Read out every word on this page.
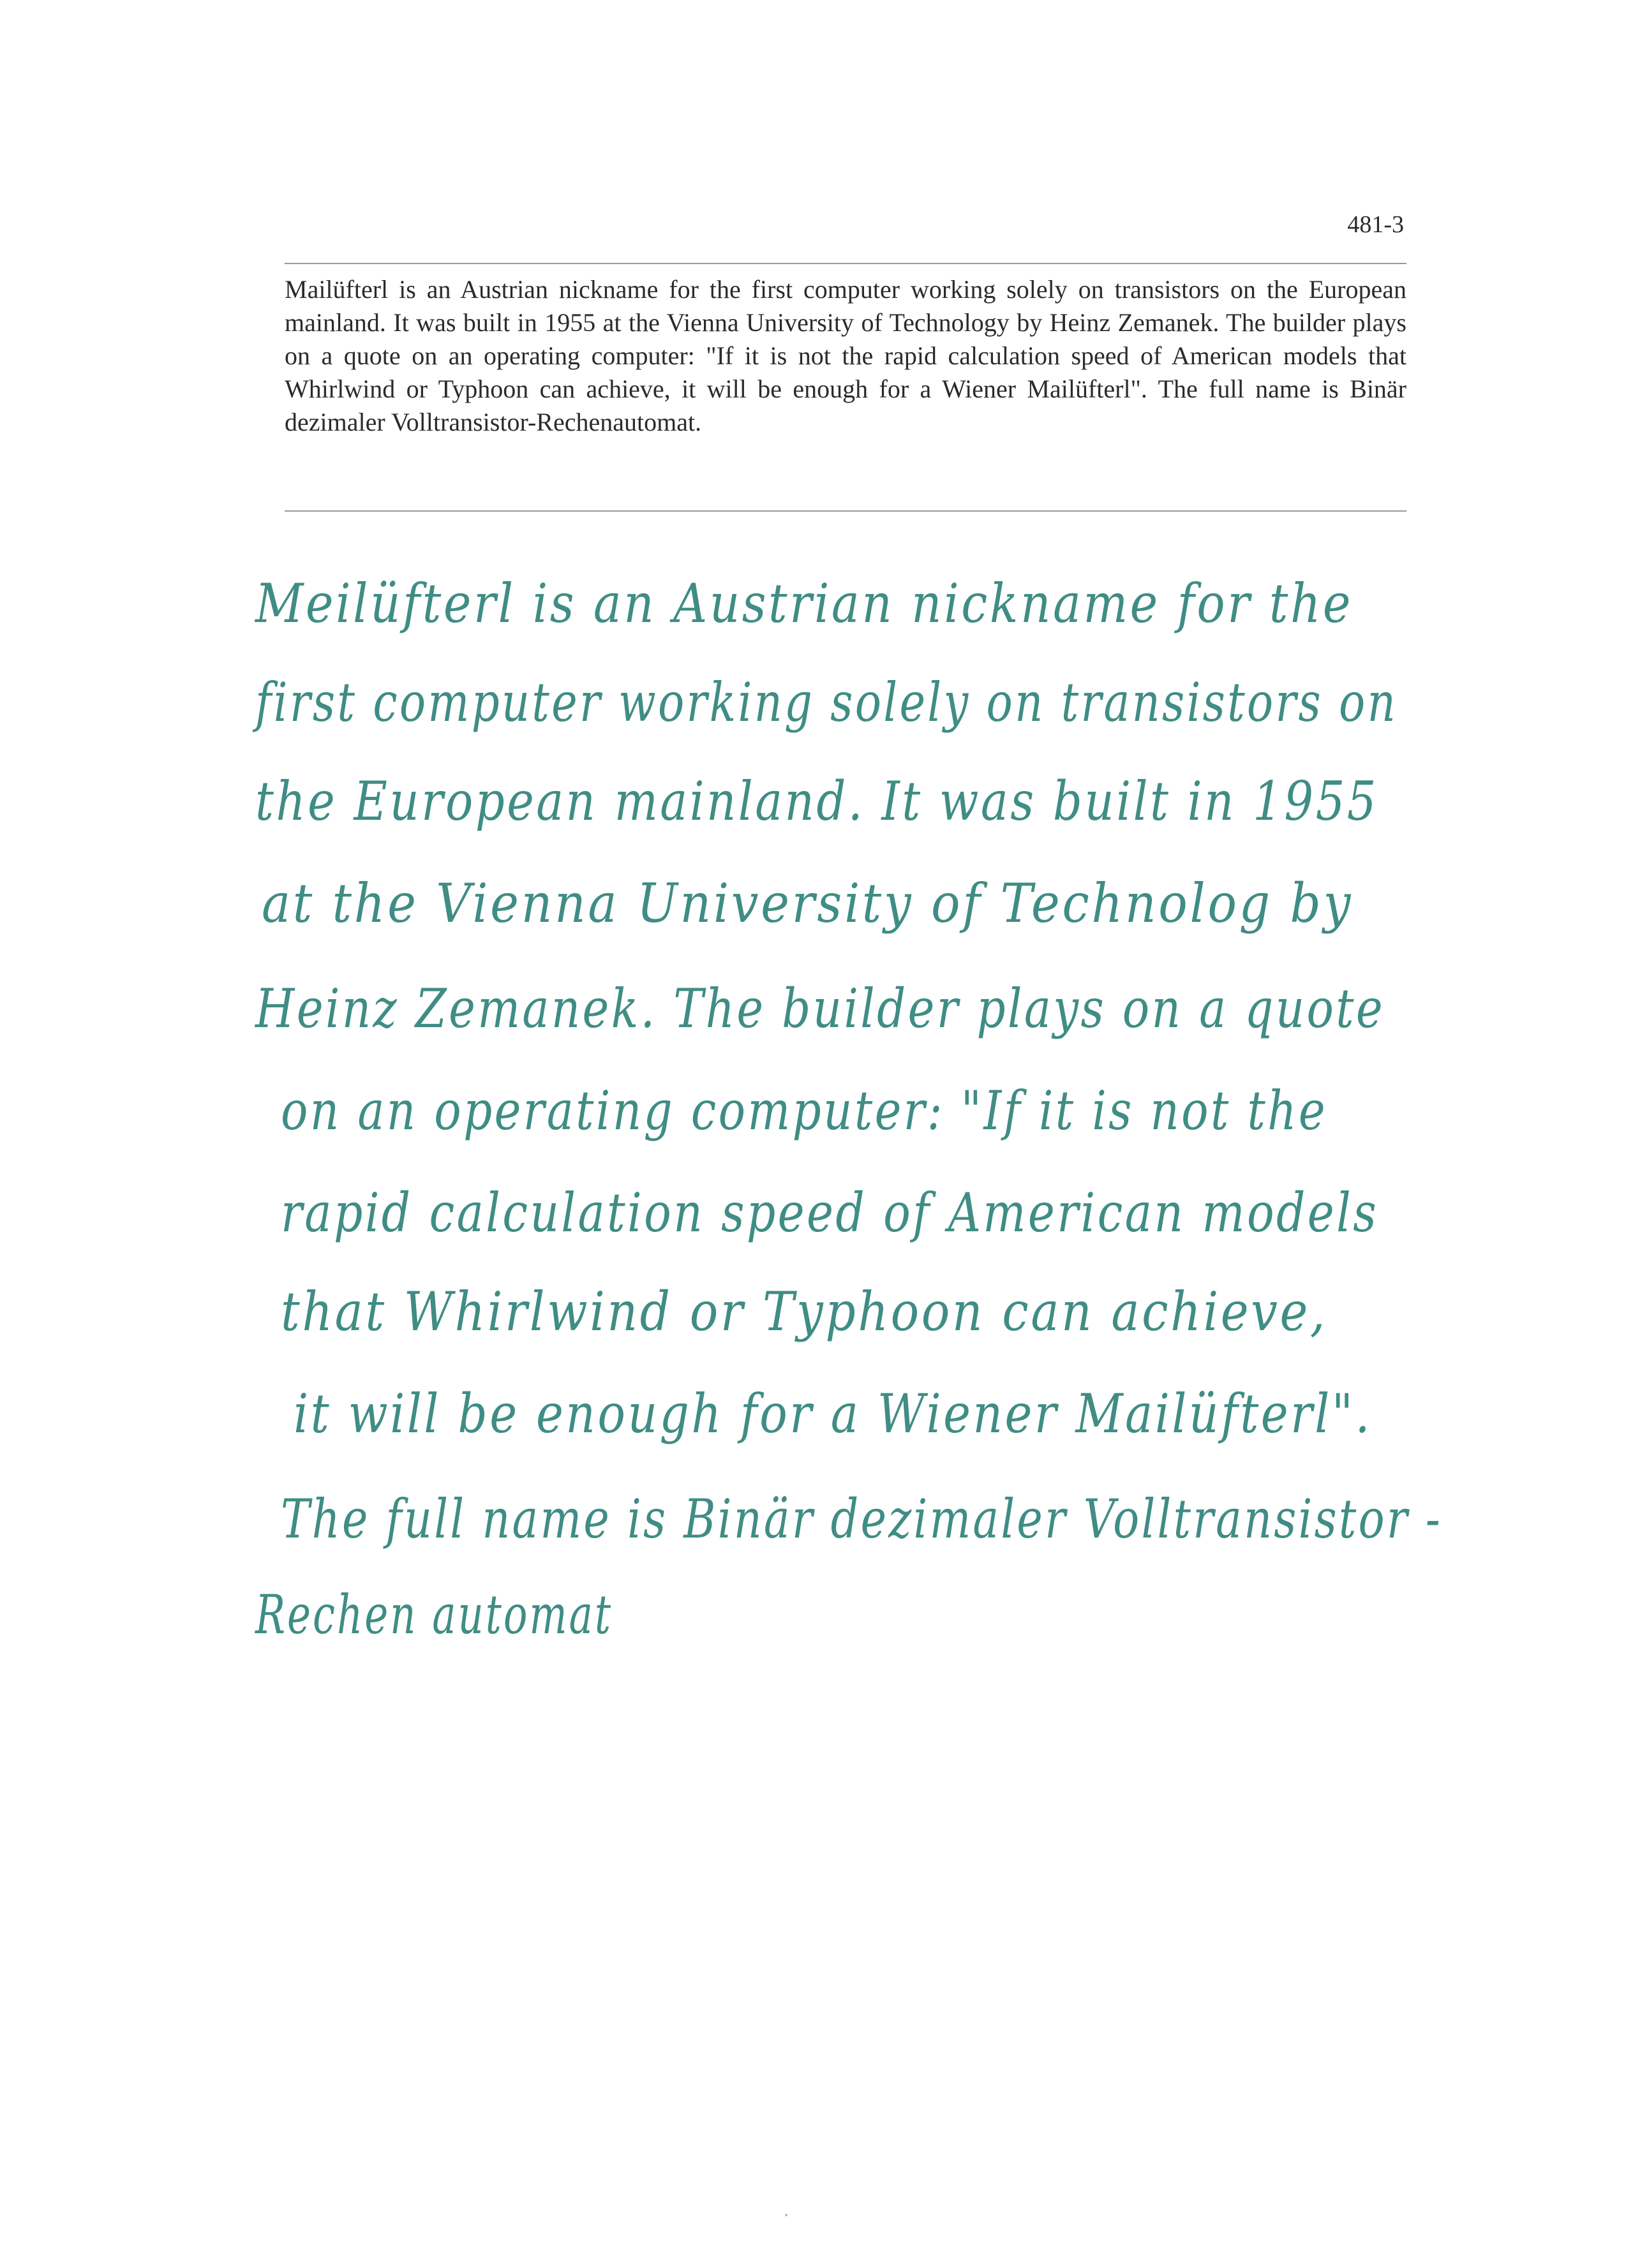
481-3

Mailüfterl is an Austrian nickname for the first computer working solely on transistors on the European mainland. It was built in 1955 at the Vienna University of Technology by Heinz Zemanek. The builder plays on a quote on an operating computer: "If it is not the rapid calculation speed of American models that Whirlwind or Typhoon can achieve, it will be enough for a Wiener Mailüfterl". The full name is Binär dezimaler Volltransistor-Rechenautomat.

Meilüfterl is an Austrian nickname for the
first computer working solely on transistors on
the European mainland. It was built in 1955
at the Vienna University of Technolog by
Heinz Zemanek. The builder plays on a quote
on an operating computer: "If it is not the
rapid calculation speed of American models
that Whirlwind or Typhoon can achieve,
it will be enough for a Wiener Mailüfterl".
The full name is Binär dezimaler Volltransistor -
Rechen automat
